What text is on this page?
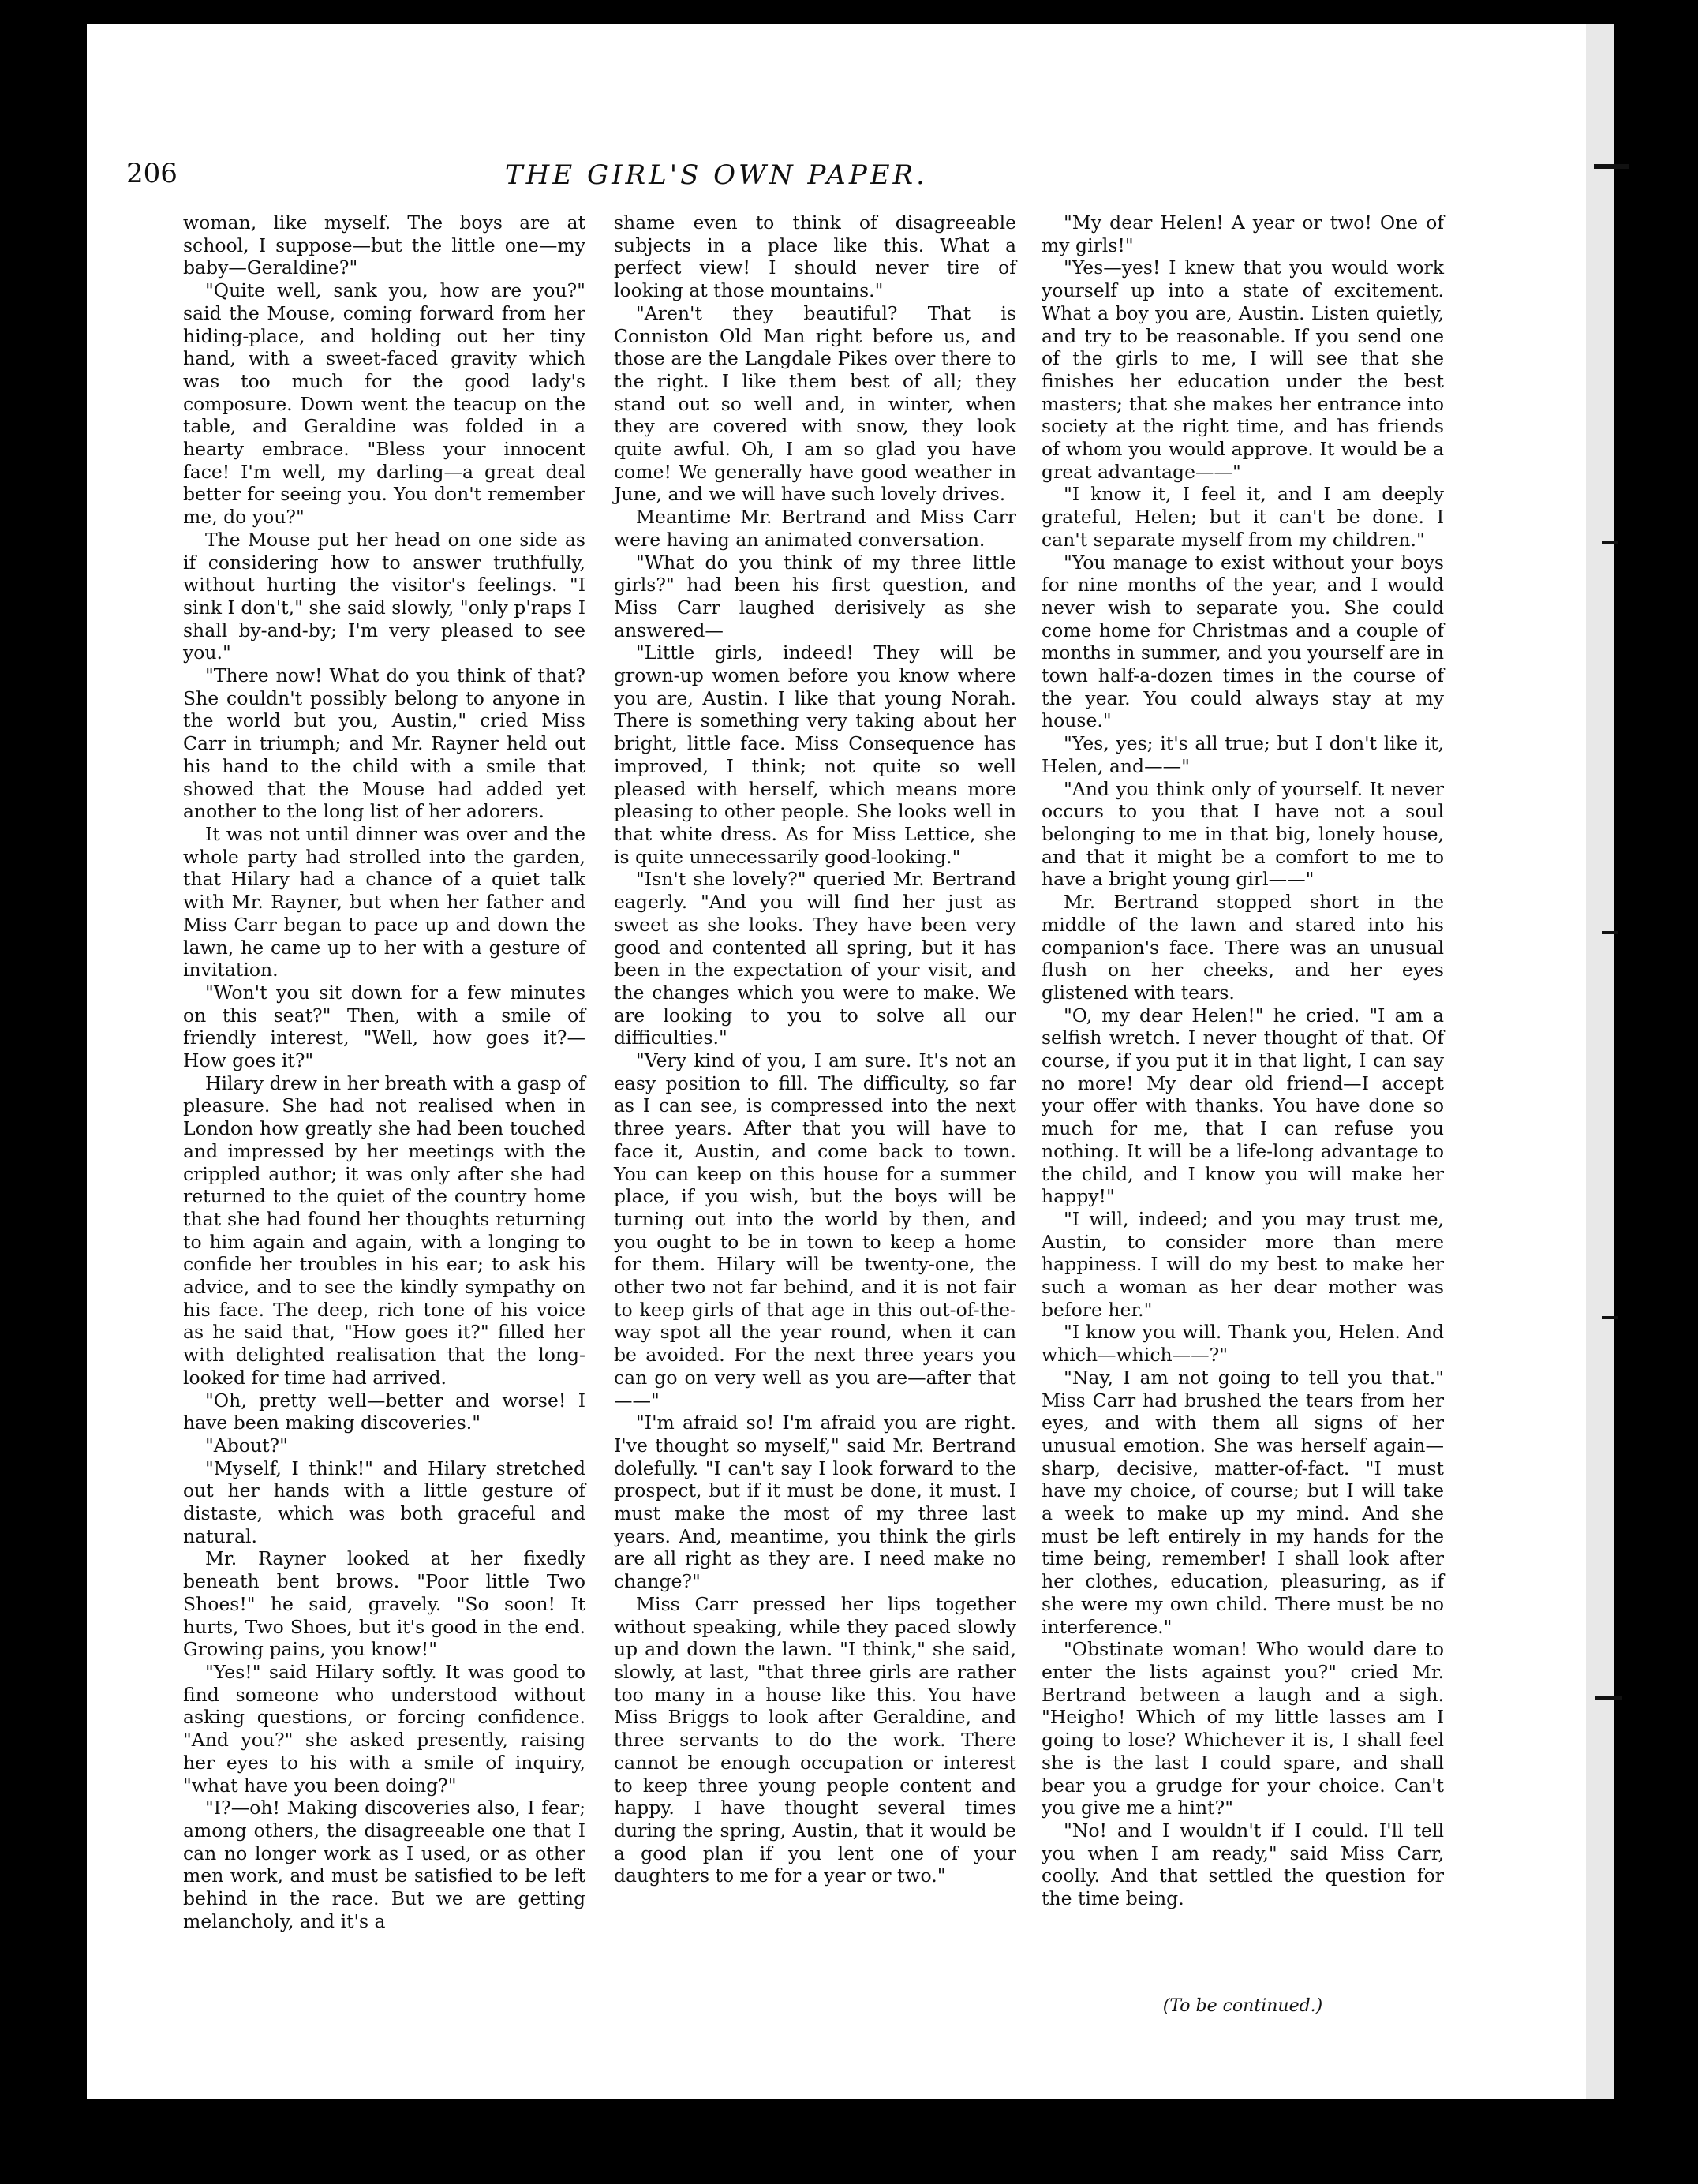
206	THE GIRL'S OWN PAPER.

woman, like myself. The boys are at school, I suppose—but the little one—my baby—Geraldine?"

"Quite well, sank you, how are you?" said the Mouse, coming forward from her hiding-place, and holding out her tiny hand, with a sweet-faced gravity which was too much for the good lady's composure. Down went the teacup on the table, and Geraldine was folded in a hearty embrace. "Bless your innocent face! I'm well, my darling—a great deal better for seeing you. You don't remember me, do you?"

The Mouse put her head on one side as if considering how to answer truthfully, without hurting the visitor's feelings. "I sink I don't," she said slowly, "only p'raps I shall by-and-by; I'm very pleased to see you."

"There now! What do you think of that? She couldn't possibly belong to anyone in the world but you, Austin," cried Miss Carr in triumph; and Mr. Rayner held out his hand to the child with a smile that showed that the Mouse had added yet another to the long list of her adorers.

It was not until dinner was over and the whole party had strolled into the garden, that Hilary had a chance of a quiet talk with Mr. Rayner, but when her father and Miss Carr began to pace up and down the lawn, he came up to her with a gesture of invitation.

"Won't you sit down for a few minutes on this seat?" Then, with a smile of friendly interest, "Well, how goes it?—How goes it?"

Hilary drew in her breath with a gasp of pleasure. She had not realised when in London how greatly she had been touched and impressed by her meetings with the crippled author; it was only after she had returned to the quiet of the country home that she had found her thoughts returning to him again and again, with a longing to confide her troubles in his ear; to ask his advice, and to see the kindly sympathy on his face. The deep, rich tone of his voice as he said that, "How goes it?" filled her with delighted realisation that the long-looked for time had arrived.

"Oh, pretty well—better and worse! I have been making discoveries."

"About?"

"Myself, I think!" and Hilary stretched out her hands with a little gesture of distaste, which was both graceful and natural.

Mr. Rayner looked at her fixedly beneath bent brows. "Poor little Two Shoes!" he said, gravely. "So soon! It hurts, Two Shoes, but it's good in the end. Growing pains, you know!"

"Yes!" said Hilary softly. It was good to find someone who understood without asking questions, or forcing confidence. "And you?" she asked presently, raising her eyes to his with a smile of inquiry, "what have you been doing?"

"I?—oh! Making discoveries also, I fear; among others, the disagreeable one that I can no longer work as I used, or as other men work, and must be satisfied to be left behind in the race. But we are getting melancholy, and it's a

shame even to think of disagreeable subjects in a place like this. What a perfect view! I should never tire of looking at those mountains."

"Aren't they beautiful? That is Conniston Old Man right before us, and those are the Langdale Pikes over there to the right. I like them best of all; they stand out so well and, in winter, when they are covered with snow, they look quite awful. Oh, I am so glad you have come! We generally have good weather in June, and we will have such lovely drives.

Meantime Mr. Bertrand and Miss Carr were having an animated conversation.

"What do you think of my three little girls?" had been his first question, and Miss Carr laughed derisively as she answered—

"Little girls, indeed! They will be grown-up women before you know where you are, Austin. I like that young Norah. There is something very taking about her bright, little face. Miss Consequence has improved, I think; not quite so well pleased with herself, which means more pleasing to other people. She looks well in that white dress. As for Miss Lettice, she is quite unnecessarily good-looking."

"Isn't she lovely?" queried Mr. Bertrand eagerly. "And you will find her just as sweet as she looks. They have been very good and contented all spring, but it has been in the expectation of your visit, and the changes which you were to make. We are looking to you to solve all our difficulties."

"Very kind of you, I am sure. It's not an easy position to fill. The difficulty, so far as I can see, is compressed into the next three years. After that you will have to face it, Austin, and come back to town. You can keep on this house for a summer place, if you wish, but the boys will be turning out into the world by then, and you ought to be in town to keep a home for them. Hilary will be twenty-one, the other two not far behind, and it is not fair to keep girls of that age in this out-of-the-way spot all the year round, when it can be avoided. For the next three years you can go on very well as you are—after that——"

"I'm afraid so! I'm afraid you are right. I've thought so myself," said Mr. Bertrand dolefully. "I can't say I look forward to the prospect, but if it must be done, it must. I must make the most of my three last years. And, meantime, you think the girls are all right as they are. I need make no change?"

Miss Carr pressed her lips together without speaking, while they paced slowly up and down the lawn. "I think," she said, slowly, at last, "that three girls are rather too many in a house like this. You have Miss Briggs to look after Geraldine, and three servants to do the work. There cannot be enough occupation or interest to keep three young people content and happy. I have thought several times during the spring, Austin, that it would be a good plan if you lent one of your daughters to me for a year or two."

"My dear Helen! A year or two! One of my girls!"

"Yes—yes! I knew that you would work yourself up into a state of excitement. What a boy you are, Austin. Listen quietly, and try to be reasonable. If you send one of the girls to me, I will see that she finishes her education under the best masters; that she makes her entrance into society at the right time, and has friends of whom you would approve. It would be a great advantage——"

"I know it, I feel it, and I am deeply grateful, Helen; but it can't be done. I can't separate myself from my children."

"You manage to exist without your boys for nine months of the year, and I would never wish to separate you. She could come home for Christmas and a couple of months in summer, and you yourself are in town half-a-dozen times in the course of the year. You could always stay at my house."

"Yes, yes; it's all true; but I don't like it, Helen, and——"

"And you think only of yourself. It never occurs to you that I have not a soul belonging to me in that big, lonely house, and that it might be a comfort to me to have a bright young girl——"

Mr. Bertrand stopped short in the middle of the lawn and stared into his companion's face. There was an unusual flush on her cheeks, and her eyes glistened with tears.

"O, my dear Helen!" he cried. "I am a selfish wretch. I never thought of that. Of course, if you put it in that light, I can say no more! My dear old friend—I accept your offer with thanks. You have done so much for me, that I can refuse you nothing. It will be a life-long advantage to the child, and I know you will make her happy!"

"I will, indeed; and you may trust me, Austin, to consider more than mere happiness. I will do my best to make her such a woman as her dear mother was before her."

"I know you will. Thank you, Helen. And which—which——?"

"Nay, I am not going to tell you that." Miss Carr had brushed the tears from her eyes, and with them all signs of her unusual emotion. She was herself again—sharp, decisive, matter-of-fact. "I must have my choice, of course; but I will take a week to make up my mind. And she must be left entirely in my hands for the time being, remember! I shall look after her clothes, education, pleasuring, as if she were my own child. There must be no interference."

"Obstinate woman! Who would dare to enter the lists against you?" cried Mr. Bertrand between a laugh and a sigh. "Heigho! Which of my little lasses am I going to lose? Whichever it is, I shall feel she is the last I could spare, and shall bear you a grudge for your choice. Can't you give me a hint?"

"No! and I wouldn't if I could. I'll tell you when I am ready," said Miss Carr, coolly. And that settled the question for the time being.

(To be continued.)
